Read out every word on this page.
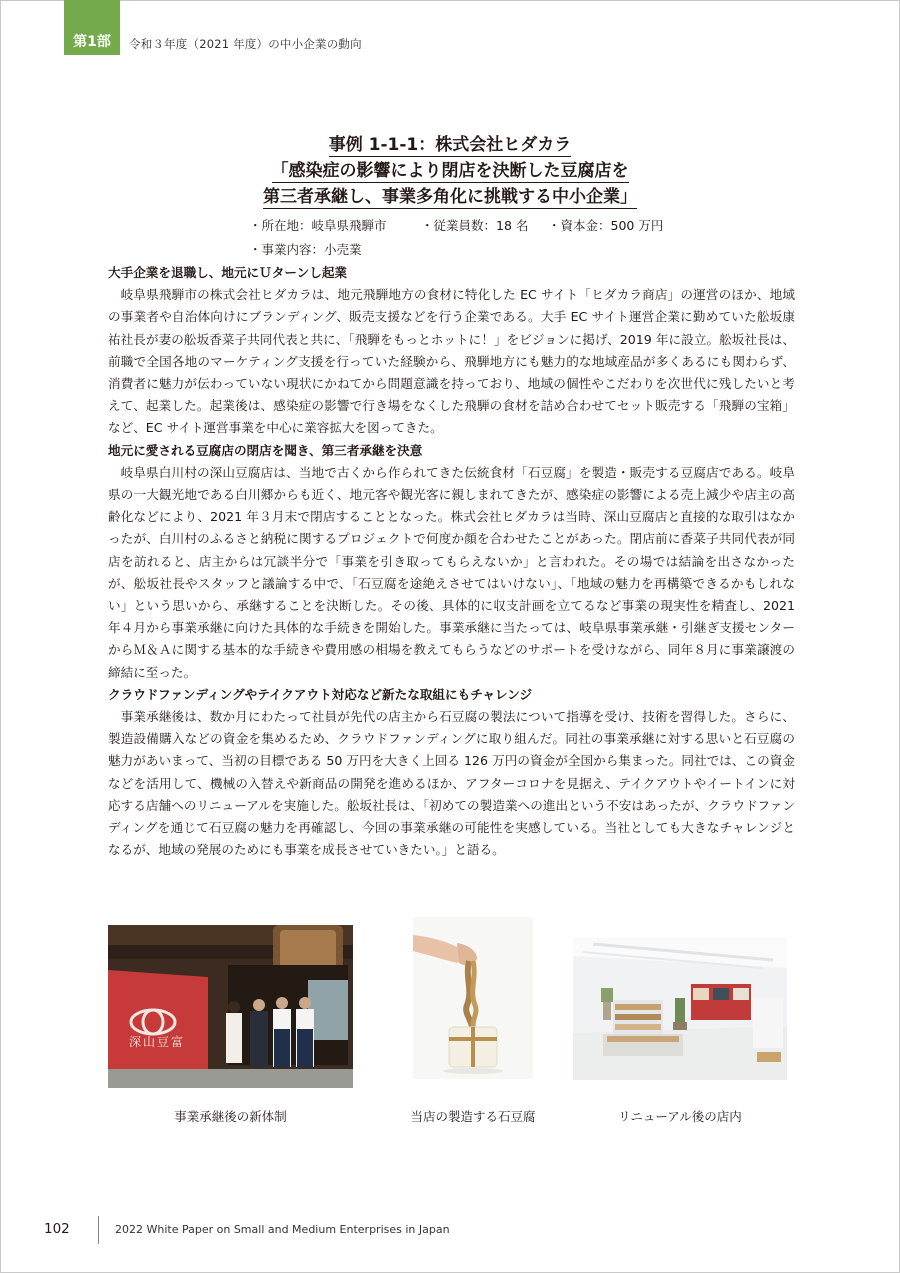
第1部 令和３年度（2021 年度）の中小企業の動向
事例 1-1-1：株式会社ヒダカラ
「感染症の影響により閉店を決断した豆腐店を
第三者承継し、事業多角化に挑戦する中小企業」
・所在地：岐阜県飛騨市	・従業員数：18 名 ・資本金：500 万円
・事業内容：小売業
大手企業を退職し、地元にＵターンし起業

岐阜県飛騨市の株式会社ヒダカラは、地元飛騨地方の食材に特化した EC サイト「ヒダカラ商店」の運営のほか、地域の事業者や自治体向けにブランディング、販売支援などを行う企業である。大手 EC サイト運営企業に勤めていた舩坂康祐社長が妻の舩坂香菜子共同代表と共に、「飛騨をもっとホットに！」をビジョンに掲げ、2019 年に設立。舩坂社長は、前職で全国各地のマーケティング支援を行っていた経験から、飛騨地方にも魅力的な地域産品が多くあるにも関わらず、消費者に魅力が伝わっていない現状にかねてから問題意識を持っており、地域の個性やこだわりを次世代に残したいと考えて、起業した。起業後は、感染症の影響で行き場をなくした飛騨の食材を詰め合わせてセット販売する「飛騨の宝箱」など、EC サイト運営事業を中心に業容拡大を図ってきた。

地元に愛される豆腐店の閉店を聞き、第三者承継を決意

岐阜県白川村の深山豆腐店は、当地で古くから作られてきた伝統食材「石豆腐」を製造・販売する豆腐店である。岐阜県の一大観光地である白川郷からも近く、地元客や観光客に親しまれてきたが、感染症の影響による売上減少や店主の高齢化などにより、2021 年３月末で閉店することとなった。株式会社ヒダカラは当時、深山豆腐店と直接的な取引はなかったが、白川村のふるさと納税に関するプロジェクトで何度か顔を合わせたことがあった。閉店前に香菜子共同代表が同店を訪れると、店主からは冗談半分で「事業を引き取ってもらえないか」と言われた。その場では結論を出さなかったが、舩坂社長やスタッフと議論する中で、「石豆腐を途絶えさせてはいけない」、「地域の魅力を再構築できるかもしれない」という思いから、承継することを決断した。その後、具体的に収支計画を立てるなど事業の現実性を精査し、2021 年４月から事業承継に向けた具体的な手続きを開始した。事業承継に当たっては、岐阜県事業承継・引継ぎ支援センターからＭ＆Ａに関する基本的な手続きや費用感の相場を教えてもらうなどのサポートを受けながら、同年８月に事業譲渡の締結に至った。

クラウドファンディングやテイクアウト対応など新たな取組にもチャレンジ

事業承継後は、数か月にわたって社員が先代の店主から石豆腐の製法について指導を受け、技術を習得した。さらに、製造設備購入などの資金を集めるため、クラウドファンディングに取り組んだ。同社の事業承継に対する思いと石豆腐の魅力があいまって、当初の目標である 50 万円を大きく上回る 126 万円の資金が全国から集まった。同社では、この資金などを活用して、機械の入替えや新商品の開発を進めるほか、アフターコロナを見据え、テイクアウトやイートインに対応する店舗へのリニューアルを実施した。舩坂社長は、「初めての製造業への進出という不安はあったが、クラウドファンディングを通じて石豆腐の魅力を再確認し、今回の事業承継の可能性を実感している。当社としても大きなチャレンジとなるが、地域の発展のためにも事業を成長させていきたい。」と語る。

深山豆富
事業承継後の新体制	当店の製造する石豆腐	リニューアル後の店内
102	2022 White Paper on Small and Medium Enterprises in Japan
